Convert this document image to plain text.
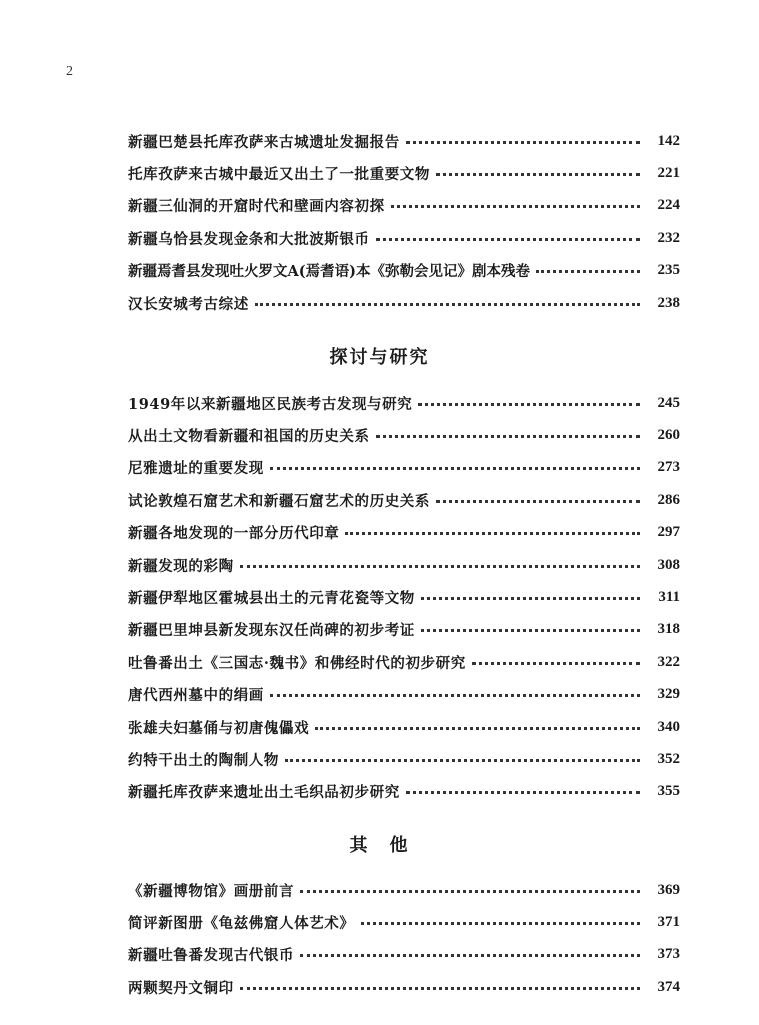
2
新疆巴楚县托库孜萨来古城遗址发掘报告	142
托库孜萨来古城中最近又出土了一批重要文物	221
新疆三仙洞的开窟时代和壁画内容初探	224
新疆乌恰县发现金条和大批波斯银币	232
新疆焉耆县发现吐火罗文A(焉耆语)本《弥勒会见记》剧本残卷	235
汉长安城考古综述	238
探讨与研究
1949年以来新疆地区民族考古发现与研究	245
从出土文物看新疆和祖国的历史关系	260
尼雅遗址的重要发现	273
试论敦煌石窟艺术和新疆石窟艺术的历史关系	286
新疆各地发现的一部分历代印章	297
新疆发现的彩陶	308
新疆伊犁地区霍城县出土的元青花瓷等文物	311
新疆巴里坤县新发现东汉任尚碑的初步考证	318
吐鲁番出土《三国志·魏书》和佛经时代的初步研究	322
唐代西州墓中的绢画	329
张雄夫妇墓俑与初唐傀儡戏	340
约特干出土的陶制人物	352
新疆托库孜萨来遗址出土毛织品初步研究	355
其他
《新疆博物馆》画册前言	369
简评新图册《龟兹佛窟人体艺术》	371
新疆吐鲁番发现古代银币	373
两颗契丹文铜印	374
